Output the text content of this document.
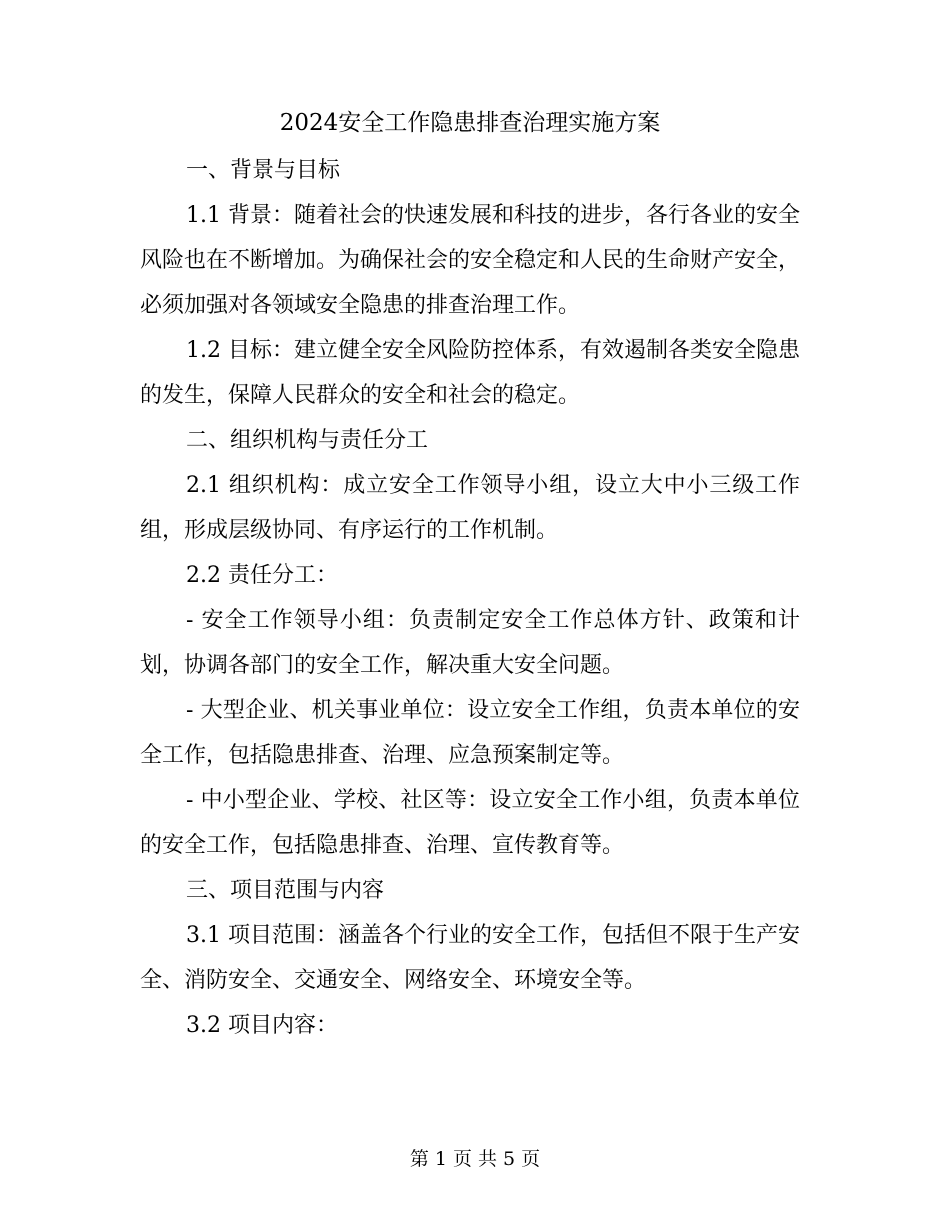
2024安全工作隐患排查治理实施方案

一、背景与目标

1.1 背景：随着社会的快速发展和科技的进步，各行各业的安全风险也在不断增加。为确保社会的安全稳定和人民的生命财产安全，必须加强对各领域安全隐患的排查治理工作。

1.2 目标：建立健全安全风险防控体系，有效遏制各类安全隐患的发生，保障人民群众的安全和社会的稳定。

二、组织机构与责任分工

2.1 组织机构：成立安全工作领导小组，设立大中小三级工作组，形成层级协同、有序运行的工作机制。

2.2 责任分工：

- 安全工作领导小组：负责制定安全工作总体方针、政策和计划，协调各部门的安全工作，解决重大安全问题。

- 大型企业、机关事业单位：设立安全工作组，负责本单位的安全工作，包括隐患排查、治理、应急预案制定等。

- 中小型企业、学校、社区等：设立安全工作小组，负责本单位的安全工作，包括隐患排查、治理、宣传教育等。

三、项目范围与内容

3.1 项目范围：涵盖各个行业的安全工作，包括但不限于生产安全、消防安全、交通安全、网络安全、环境安全等。

3.2 项目内容：

第 1 页 共 5 页
